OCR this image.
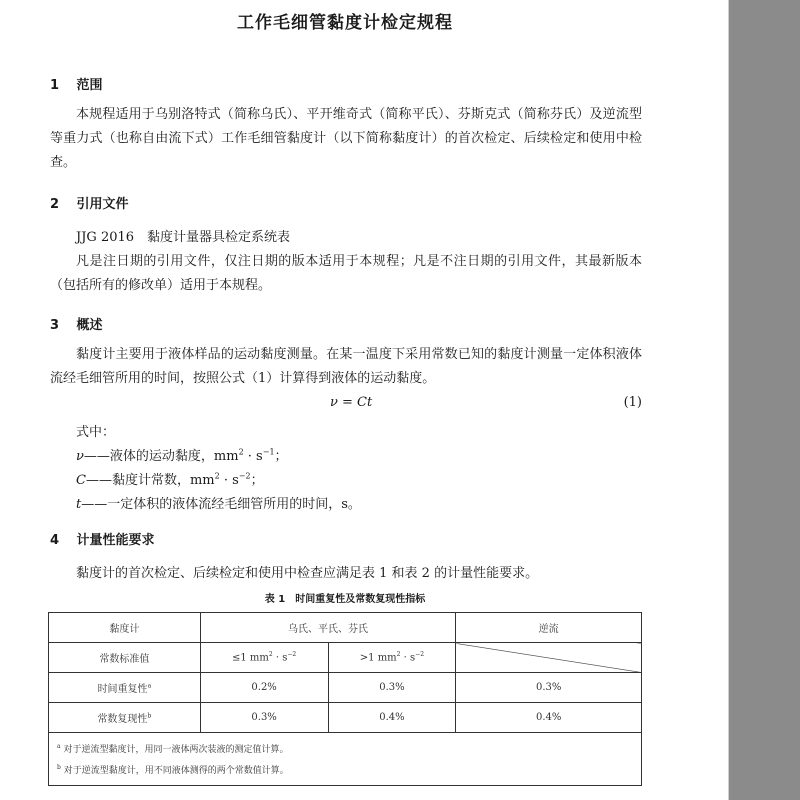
工作毛细管黏度计检定规程
1 范围

本规程适用于乌别洛特式（简称乌氏）、平开维奇式（简称平氏）、芬斯克式（简称芬氏）及逆流型等重力式（也称自由流下式）工作毛细管黏度计（以下简称黏度计）的首次检定、后续检定和使用中检查。

2 引用文件

JJG 2016　黏度计量器具检定系统表

凡是注日期的引用文件，仅注日期的版本适用于本规程；凡是不注日期的引用文件，其最新版本（包括所有的修改单）适用于本规程。

3 概述

黏度计主要用于液体样品的运动黏度测量。在某一温度下采用常数已知的黏度计测量一定体积液体流经毛细管所用的时间，按照公式（1）计算得到液体的运动黏度。

ν = Ct	(1)

式中：

ν——液体的运动黏度，$mm^2 \cdot s^{-1}$；

C——黏度计常数，$mm^2 \cdot s^{-2}$；

t——一定体积的液体流经毛细管所用的时间，s。

4 计量性能要求

黏度计的首次检定、后续检定和使用中检查应满足表 1 和表 2 的计量性能要求。

表 1　时间重复性及常数复现性指标

黏度计	乌氏、平氏、芬氏		逆流
常数标准值	≤1 $mm^2 \cdot s^{-2}$	>1 $mm^2 \cdot s^{-2}$	
时间重复性$^a$	0.2%	0.3%	0.3%
常数复现性$^b$	0.3%	0.4%	0.4%

$^a$ 对于逆流型黏度计，用同一液体两次装液的测定值计算。
$^b$ 对于逆流型黏度计，用不同液体测得的两个常数值计算。			
